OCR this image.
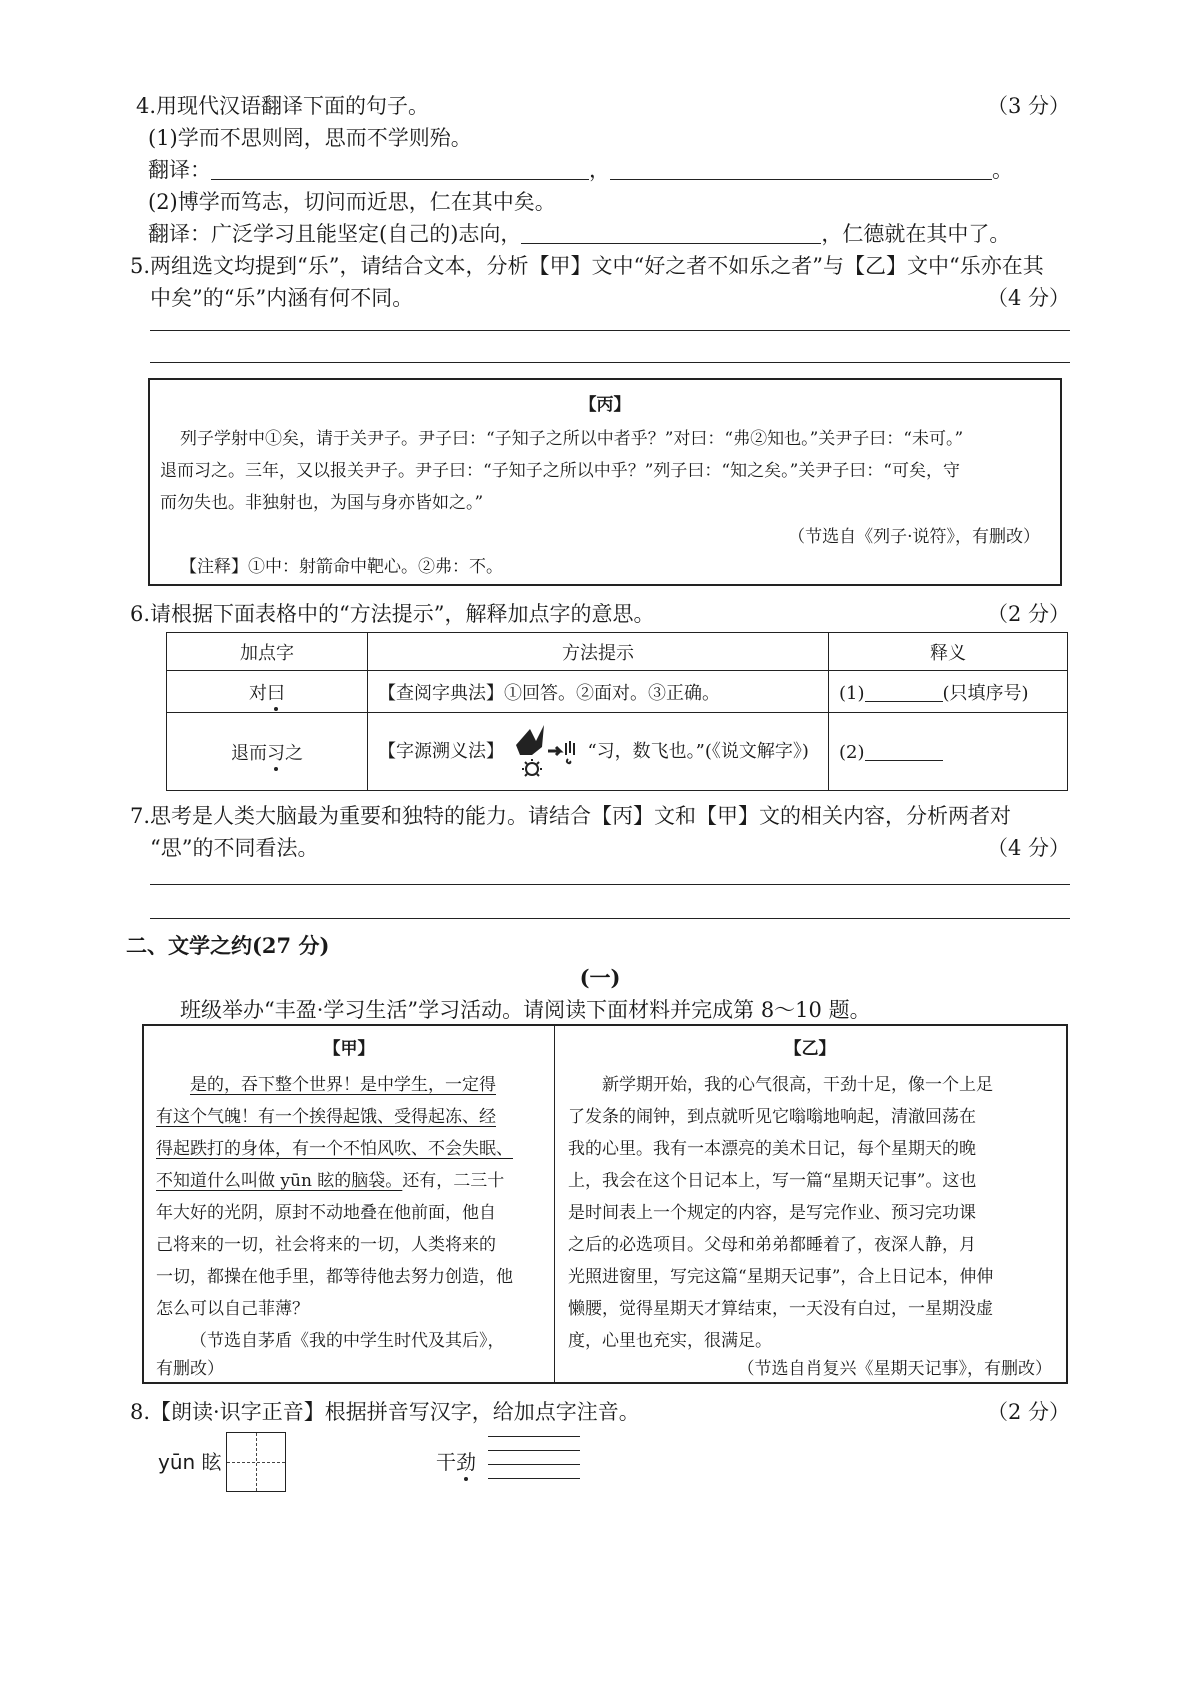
4.用现代汉语翻译下面的句子。	（3 分）
(1)学而不思则罔，思而不学则殆。
翻译：	，	。
(2)博学而笃志，切问而近思，仁在其中矣。
翻译：广泛学习且能坚定(自己的)志向，	，仁德就在其中了。
5.两组选文均提到“乐”，请结合文本，分析【甲】文中“好之者不如乐之者”与【乙】文中“乐亦在其
中矣”的“乐”内涵有何不同。	（4 分）
【丙】
列子学射中①矣，请于关尹子。尹子曰：“子知子之所以中者乎？”对曰：“弗②知也。”关尹子曰：“未可。”
退而习之。三年，又以报关尹子。尹子曰：“子知子之所以中乎？”列子曰：“知之矣。”关尹子曰：“可矣，守
而勿失也。非独射也，为国与身亦皆如之。”
（节选自《列子·说符》，有删改）
【注释】①中：射箭命中靶心。②弗：不。
6.请根据下面表格中的“方法提示”，解释加点字的意思。	（2 分）
加点字	方法提示	释义
对曰	【查阅字典法】①回答。②面对。③正确。	(1) (只填序号)
退而习之	【字源溯义法】 “习，数飞也。”(《说文解字》)	(2)
7.思考是人类大脑最为重要和独特的能力。请结合【丙】文和【甲】文的相关内容，分析两者对
“思”的不同看法。	（4 分）
二、文学之约(27 分)
(一)
班级举办“丰盈·学习生活”学习活动。请阅读下面材料并完成第 8～10 题。
【甲】
是的，吞下整个世界！是中学生，一定得
有这个气魄！有一个挨得起饿、受得起冻、经
得起跌打的身体，有一个不怕风吹、不会失眠、
不知道什么叫做 yūn 眩的脑袋。还有，二三十
年大好的光阴，原封不动地叠在他前面，他自
己将来的一切，社会将来的一切，人类将来的
一切，都操在他手里，都等待他去努力创造，他
怎么可以自己菲薄？
（节选自茅盾《我的中学生时代及其后》，
有删改）
【乙】
新学期开始，我的心气很高，干劲十足，像一个上足
了发条的闹钟，到点就听见它嗡嗡地响起，清澈回荡在
我的心里。我有一本漂亮的美术日记，每个星期天的晚
上，我会在这个日记本上，写一篇“星期天记事”。这也
是时间表上一个规定的内容，是写完作业、预习完功课
之后的必选项目。父母和弟弟都睡着了，夜深人静，月
光照进窗里，写完这篇“星期天记事”，合上日记本，伸伸
懒腰，觉得星期天才算结束，一天没有白过，一星期没虚
度，心里也充实，很满足。
（节选自肖复兴《星期天记事》，有删改）
8.【朗读·识字正音】根据拼音写汉字，给加点字注音。	（2 分）
yūn 眩	干劲
